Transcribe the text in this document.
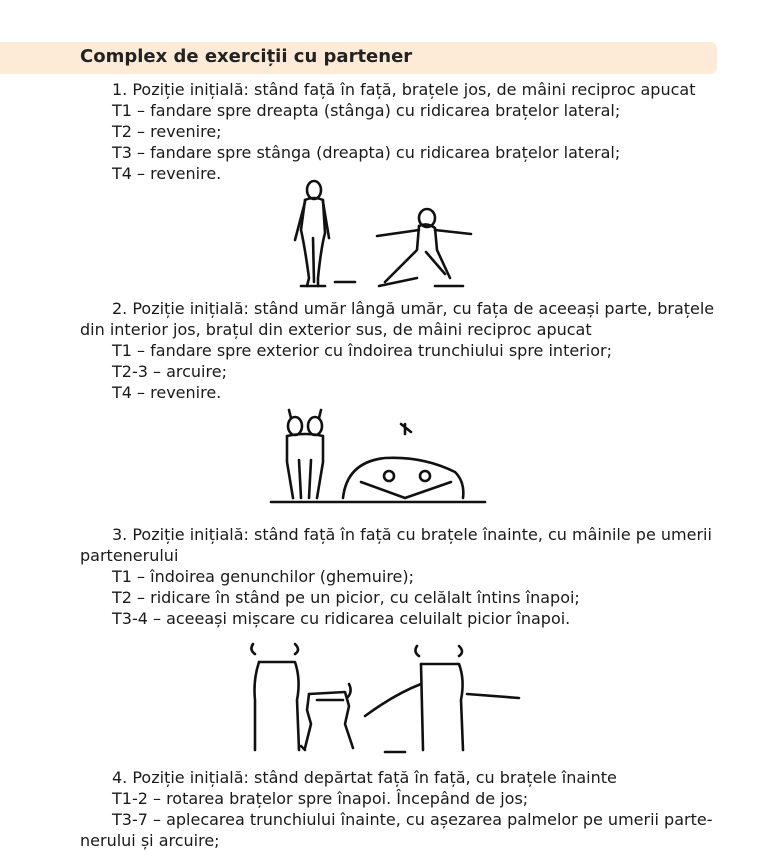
Complex de exerciții cu partener
1. Poziție inițială: stând față în față, brațele jos, de mâini reciproc apucat
T1 – fandare spre dreapta (stânga) cu ridicarea brațelor lateral;
T2 – revenire;
T3 – fandare spre stânga (dreapta) cu ridicarea brațelor lateral;
T4 – revenire.
2. Poziție inițială: stând umăr lângă umăr, cu fața de aceeași parte, brațele
din interior jos, brațul din exterior sus, de mâini reciproc apucat
T1 – fandare spre exterior cu îndoirea trunchiului spre interior;
T2-3 – arcuire;
T4 – revenire.
3. Poziție inițială: stând față în față cu brațele înainte, cu mâinile pe umerii
partenerului
T1 – îndoirea genunchilor (ghemuire);
T2 – ridicare în stând pe un picior, cu celălalt întins înapoi;
T3-4 – aceeași mișcare cu ridicarea celuilalt picior înapoi.
4. Poziție inițială: stând depărtat față în față, cu brațele înainte
T1-2 – rotarea brațelor spre înapoi. Începând de jos;
T3-7 – aplecarea trunchiului înainte, cu așezarea palmelor pe umerii parte-
nerului și arcuire;
